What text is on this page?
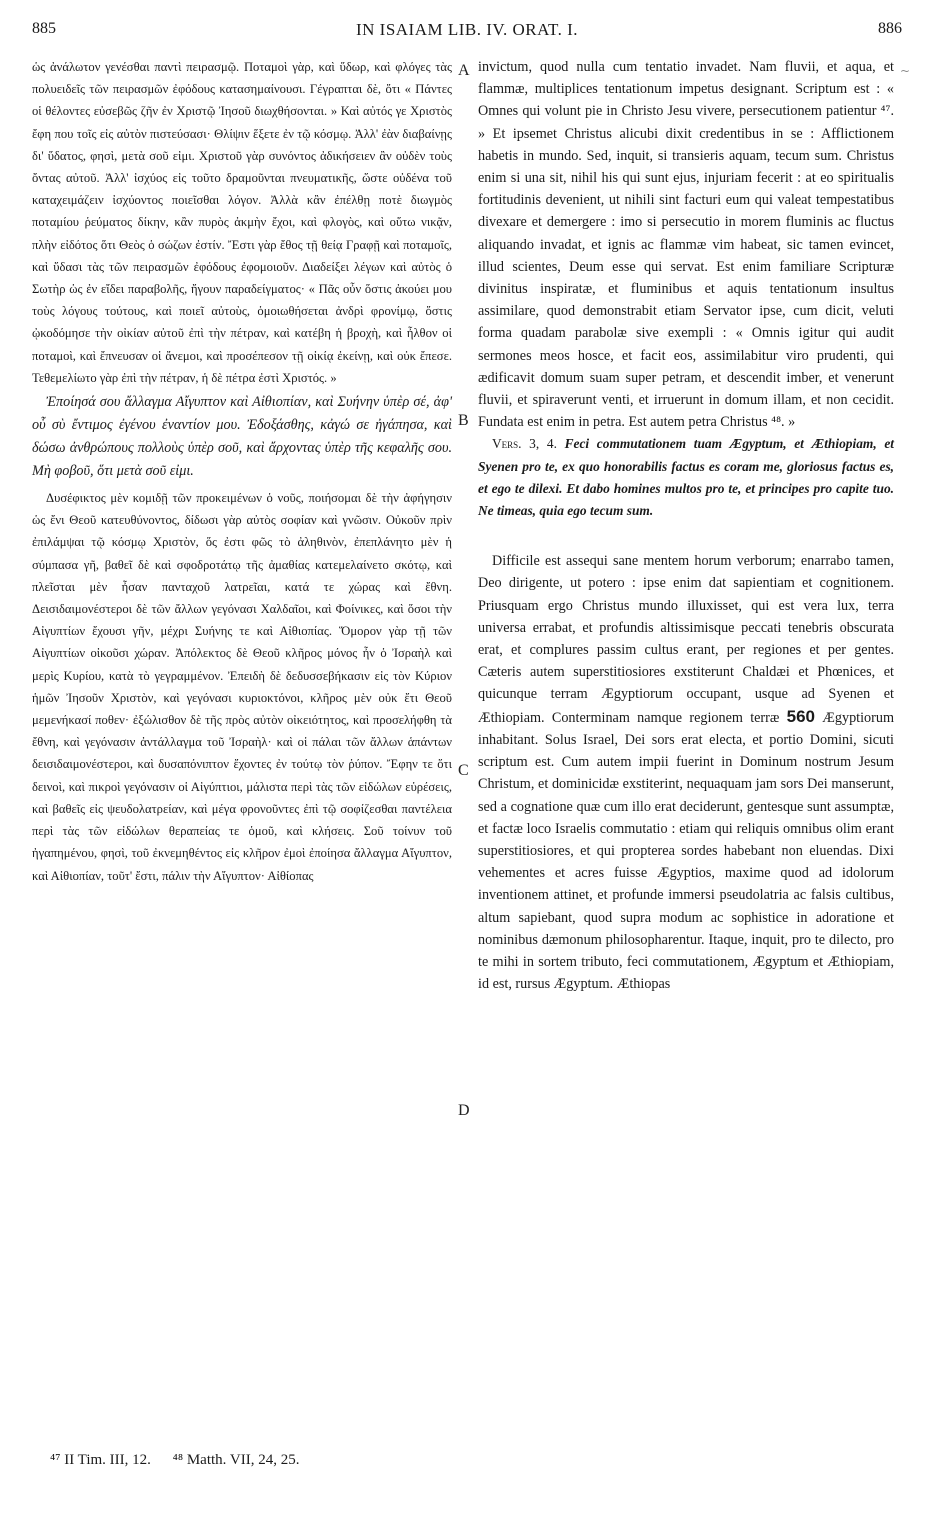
885	IN ISAIAM LIB. IV. ORAT. I.	886

ὡς ἀνάλωτον γενέσθαι παντὶ πειρασμῷ. Ποταμοὶ γὰρ, καὶ ὕδωρ, καὶ φλόγες τὰς πολυειδεῖς τῶν πειρασμῶν ἐφόδους κατασημαίνουσι. Γέγραπται δὲ, ὅτι « Πάντες οἱ θέλοντες εὐσεβῶς ζῆν ἐν Χριστῷ Ἰησοῦ διωχθήσονται. » Καὶ αὐτός γε Χριστὸς ἔφη που τοῖς εἰς αὐτὸν πιστεύσασι· Θλίψιν ἕξετε ἐν τῷ κόσμῳ. Ἀλλ' ἐὰν διαβαίνῃς δι' ὕδατος, φησὶ, μετὰ σοῦ εἰμι. Χριστοῦ γὰρ συνόντος ἀδικήσειεν ἂν οὐδὲν τοὺς ὄντας αὐτοῦ. Ἀλλ' ἰσχύος εἰς τοῦτο δραμοῦνται πνευματικῆς, ὥστε οὐδένα τοῦ καταχειμάζειν ἰσχύοντος ποιεῖσθαι λόγον. Ἀλλὰ κἂν ἐπέλθῃ ποτὲ διωγμὸς ποταμίου ῥεύματος δίκην, κἂν πυρὸς ἀκμὴν ἔχοι, καὶ φλογὸς, καὶ οὕτω νικᾷν, πλὴν εἰδότος ὅτι Θεὸς ὁ σώζων ἐστίν. Ἔστι γὰρ ἔθος τῇ θείᾳ Γραφῇ καὶ ποταμοῖς, καὶ ὕδασι τὰς τῶν πειρασμῶν ἐφόδους ἐφομοιοῦν. Διαδείξει λέγων καὶ αὐτὸς ὁ Σωτὴρ ὡς ἐν εἴδει παραβολῆς, ἤγουν παραδείγματος· « Πᾶς οὖν ὅστις ἀκούει μου τοὺς λόγους τούτους, καὶ ποιεῖ αὐτοὺς, ὁμοιωθήσεται ἀνδρὶ φρονίμῳ, ὅστις ᾠκοδόμησε τὴν οἰκίαν αὐτοῦ ἐπὶ τὴν πέτραν, καὶ κατέβη ἡ βροχὴ, καὶ ἦλθον οἱ ποταμοὶ, καὶ ἔπνευσαν οἱ ἄνεμοι, καὶ προσέπεσον τῇ οἰκίᾳ ἐκείνῃ, καὶ οὐκ ἔπεσε. Τεθεμελίωτο γὰρ ἐπὶ τὴν πέτραν, ἡ δὲ πέτρα ἐστὶ Χριστός. »

Ἐποίησά σου ἄλλαγμα Αἴγυπτον καὶ Αἰθιοπίαν, καὶ Συήνην ὑπὲρ σέ, ἀφ' οὗ σὺ ἔντιμος ἐγένου ἐναντίον μου. Ἐδοξάσθης, κἀγώ σε ἠγάπησα, καὶ δώσω ἀνθρώπους πολλοὺς ὑπὲρ σοῦ, καὶ ἄρχοντας ὑπὲρ τῆς κεφαλῆς σου. Μὴ φοβοῦ, ὅτι μετὰ σοῦ εἰμι.

Δυσέφικτος μὲν κομιδῇ τῶν προκειμένων ὁ νοῦς, ποιήσομαι δὲ τὴν ἀφήγησιν ὡς ἔνι Θεοῦ κατευθύνοντος, δίδωσι γὰρ αὐτὸς σοφίαν καὶ γνῶσιν. Οὐκοῦν πρὶν ἐπιλάμψαι τῷ κόσμῳ Χριστὸν, ὅς ἐστι φῶς τὸ ἀληθινὸν, ἐπεπλάνητο μὲν ἡ σύμπασα γῆ, βαθεῖ δὲ καὶ σφοδροτάτῳ τῆς ἀμαθίας κατεμελαίνετο σκότῳ, καὶ πλεῖσται μὲν ἦσαν πανταχοῦ λατρεῖαι, κατά τε χώρας καὶ ἔθνη. Δεισιδαιμονέστεροι δὲ τῶν ἄλλων γεγόνασι Χαλδαῖοι, καὶ Φοίνικες, καὶ ὅσοι τὴν Αἰγυπτίων ἔχουσι γῆν, μέχρι Συήνης τε καὶ Αἰθιοπίας. Ὅμορον γὰρ τῇ τῶν Αἰγυπτίων οἰκοῦσι χώραν. Ἀπόλεκτος δὲ Θεοῦ κλῆρος μόνος ἦν ὁ Ἰσραὴλ καὶ μερὶς Κυρίου, κατὰ τὸ γεγραμμένον. Ἐπειδὴ δὲ δεδυσσεβήκασιν εἰς τὸν Κύριον ἡμῶν Ἰησοῦν Χριστὸν, καὶ γεγόνασι κυριοκτόνοι, κλῆρος μὲν οὐκ ἔτι Θεοῦ μεμενήκασί ποθεν· ἐξώλισθον δὲ τῆς πρὸς αὐτὸν οἰκειότητος, καὶ προσελήφθη τὰ ἔθνη, καὶ γεγόνασιν ἀντάλλαγμα τοῦ Ἰσραὴλ· καὶ οἱ πάλαι τῶν ἄλλων ἁπάντων δεισιδαιμονέστεροι, καὶ δυσαπόνιπτον ἔχοντες ἐν τούτῳ τὸν ῥύπον. Ἔφην τε ὅτι δεινοὶ, καὶ πικροὶ γεγόνασιν οἱ Αἰγύπτιοι, μάλιστα περὶ τὰς τῶν εἰδώλων εὑρέσεις, καὶ βαθεῖς εἰς ψευδολατρείαν, καὶ μέγα φρονοῦντες ἐπὶ τῷ σοφίζεσθαι παντέλεια περὶ τὰς τῶν εἰδώλων θεραπείας τε ὁμοῦ, καὶ κλήσεις. Σοῦ τοίνυν τοῦ ἠγαπημένου, φησὶ, τοῦ ἐκνεμηθέντος εἰς κλῆρον ἐμοὶ ἐποίησα ἄλλαγμα Αἴγυπτον, καὶ Αἰθιοπίαν, τοῦτ' ἔστι, πάλιν τὴν Αἴγυπτον· Αἰθίοπας

invictum, quod nulla cum tentatio invadet. Nam fluvii, et aqua, et flammæ, multiplices tentationum impetus designant. Scriptum est : « Omnes qui volunt pie in Christo Jesu vivere, persecutionem patientur ⁴⁷. » Et ipsemet Christus alicubi dixit credentibus in se : Afflictionem habetis in mundo. Sed, inquit, si transieris aquam, tecum sum. Christus enim si una sit, nihil his qui sunt ejus, injuriam fecerit : at eo spiritualis fortitudinis devenient, ut nihili sint facturi eum qui valeat tempestatibus divexare et demergere : imo si persecutio in morem fluminis ac fluctus aliquando invadat, et ignis ac flammæ vim habeat, sic tamen evincet, illud scientes, Deum esse qui servat. Est enim familiare Scripturæ divinitus inspiratæ, et fluminibus et aquis tentationum insultus assimilare, quod demonstrabit etiam Servator ipse, cum dicit, veluti forma quadam parabolæ sive exempli : « Omnis igitur qui audit sermones meos hosce, et facit eos, assimilabitur viro prudenti, qui ædificavit domum suam super petram, et descendit imber, et venerunt fluvii, et spiraverunt venti, et irruerunt in domum illam, et non cecidit. Fundata est enim in petra. Est autem petra Christus ⁴⁸. »

Vers. 3, 4. Feci commutationem tuam Ægyptum, et Æthiopiam, et Syenen pro te, ex quo honorabilis factus es coram me, gloriosus factus es, et ego te dilexi. Et dabo homines multos pro te, et principes pro capite tuo. Ne timeas, quia ego tecum sum.

Difficile est assequi sane mentem horum verborum; enarrabo tamen, Deo dirigente, ut potero : ipse enim dat sapientiam et cognitionem. Priusquam ergo Christus mundo illuxisset, qui est vera lux, terra universa errabat, et profundis altissimisque peccati tenebris obscurata erat, et complures passim cultus erant, per regiones et per gentes. Cæteris autem superstitiosiores exstiterunt Chaldæi et Phœnices, et quicunque terram Ægyptiorum occupant, usque ad Syenen et Æthiopiam. Conterminam namque regionem terræ 560 Ægyptiorum inhabitant. Solus Israel, Dei sors erat electa, et portio Domini, sicuti scriptum est. Cum autem impii fuerint in Dominum nostrum Jesum Christum, et dominicidæ exstiterint, nequaquam jam sors Dei manserunt, sed a cognatione quæ cum illo erat deciderunt, gentesque sunt assumptæ, et factæ loco Israelis commutatio : etiam qui reliquis omnibus olim erant superstitiosiores, et qui propterea sordes habebant non eluendas. Dixi vehementes et acres fuisse Ægyptios, maxime quod ad idolorum inventionem attinet, et profunde immersi pseudolatria ac falsis cultibus, altum sapiebant, quod supra modum ac sophistice in adoratione et nominibus dæmonum philosopharentur. Itaque, inquit, pro te dilecto, pro te mihi in sortem tributo, feci commutationem, Ægyptum et Æthiopiam, id est, rursus Ægyptum. Æthiopas

A
B
C
D
~
⁴⁷ II Tim. III, 12. ⁴⁸ Matth. VII, 24, 25.
